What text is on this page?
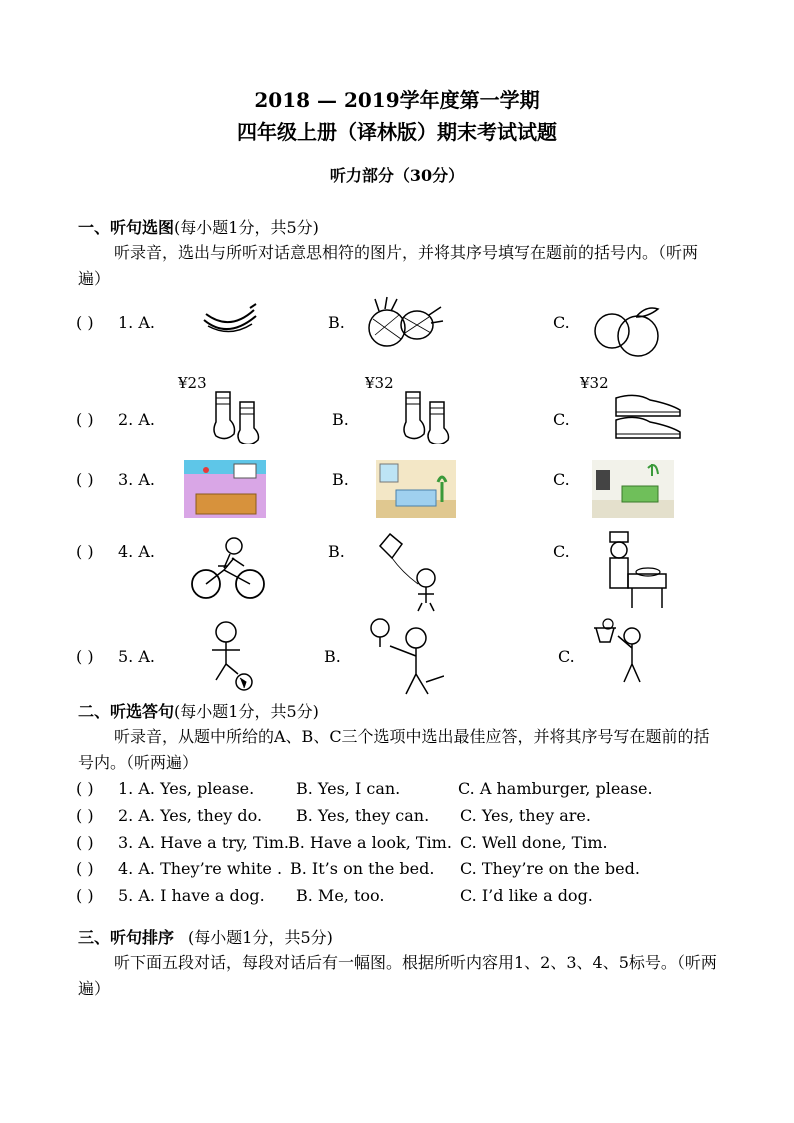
2018 — 2019学年度第一学期
四年级上册（译林版）期末考试试题
听力部分（30分）
一、听句选图(每小题1分，共5分)
听录音，选出与所听对话意思相符的图片，并将其序号填写在题前的括号内。（听两遍）
( ) 1. A.	B.	C.
¥23	¥32	¥32
( ) 2. A.	B.	C.
( ) 3. A.	B.	C.
( ) 4. A.	B.	C.
( ) 5. A.	B.	C.
二、听选答句(每小题1分，共5分)
听录音，从题中所给的A、B、C三个选项中选出最佳应答，并将其序号写在题前的括号内。（听两遍）
( ) 1. A. Yes, please.	B. Yes, I can.	C. A hamburger, please.
( ) 2. A. Yes, they do. B. Yes, they can. C. Yes, they are.
( ) 3. A. Have a try, Tim. B. Have a look, Tim. C. Well done, Tim.
( ) 4. A. They’re white . B. It’s on the bed. C. They’re on the bed.
( ) 5. A. I have a dog. B. Me, too.	C. I’d like a dog.
三、听句排序 (每小题1分，共5分)
听下面五段对话，每段对话后有一幅图。根据所听内容用1、2、3、4、5标号。（听两遍）
